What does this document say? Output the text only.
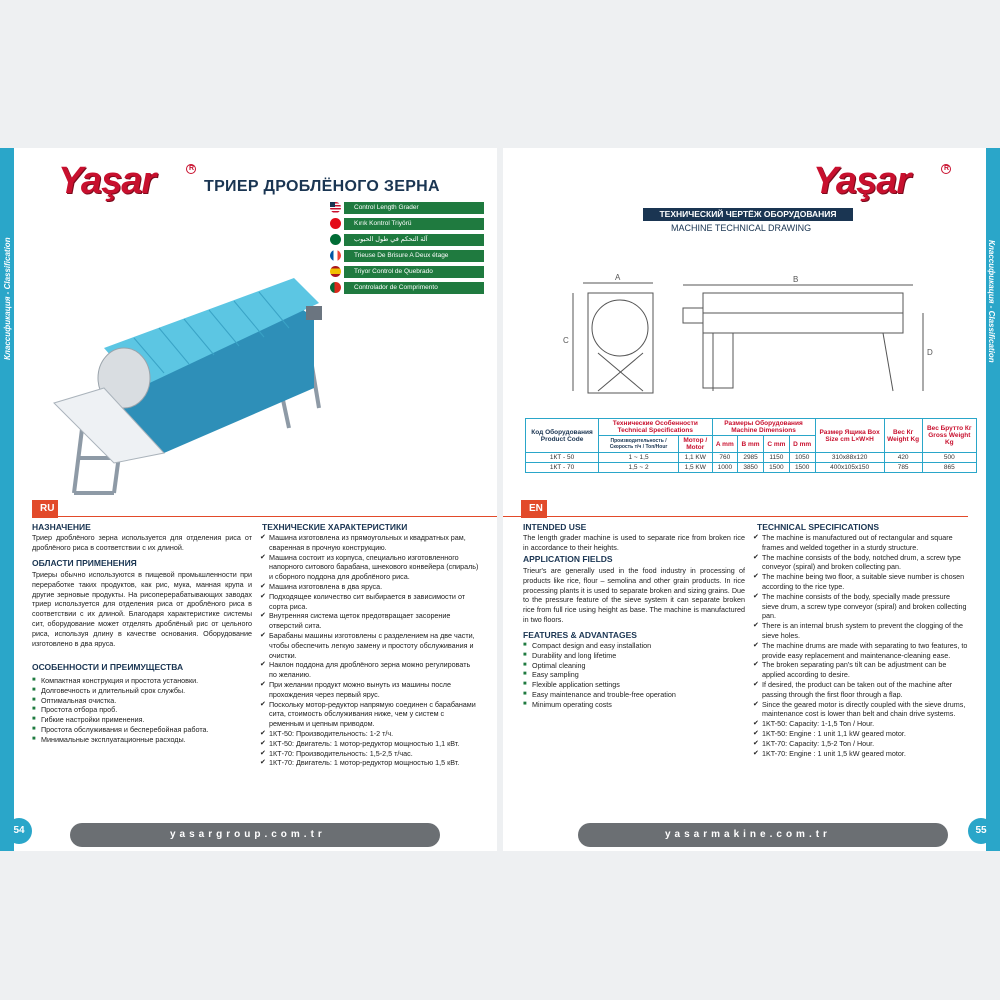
Классификация - Classification	Классификация - Classification
Yaşar	R
ТРИЕР ДРОБЛЁНОГО ЗЕРНА
Control Length Grader
Kırık Kontrol Triyörü
ﺁﻟﺔ ﺍﻟﺘﺤﻜﻢ ﻓﻲ ﻃﻮﻝ ﺍﻟﺤﺒﻮﺏ
Trieuse De Brisure A Deux étage
Triyor Control de Quebrado
Controlador de Comprimento
RU
НАЗНАЧЕНИЕ
Триер дроблёного зерна используется для отделения риса от дроблёного риса в соответствии с их длиной.
ОБЛАСТИ ПРИМЕНЕНИЯ
Триеры обычно используются в пищевой промышленности при переработке таких продуктов, как рис, мука, манная крупа и другие зерновые продукты. На рисоперерабатывающих заводах триер используется для отделения риса от дроблёного риса в соответствии с их длиной. Благодаря характеристике системы сит, оборудование может отделять дроблёный рис от цельного риса, используя длину в качестве основания. Оборудование изготовлено в два яруса.
ОСОБЕННОСТИ И ПРЕИМУЩЕСТВА
■ Компактная конструкция и простота установки.
■ Долговечность и длительный срок службы.
■ Оптимальная очистка.
■ Простота отбора проб.
■ Гибкие настройки применения.
■ Простота обслуживания и бесперебойная работа.
■ Минимальные эксплуатационные расходы.
ТЕХНИЧЕСКИЕ ХАРАКТЕРИСТИКИ
✔ Машина изготовлена из прямоугольных и квадратных рам, сваренная в прочную конструкцию.
✔ Машина состоит из корпуса, специально изготовленного напорного ситового барабана, шнекового конвейера (спираль) и сборного поддона для дроблёного риса.
✔ Машина изготовлена в два яруса.
✔ Подходящее количество сит выбирается в зависимости от сорта риса.
✔ Внутренняя система щеток предотвращает засорение отверстий сита.
✔ Барабаны машины изготовлены с разделением на две части, чтобы обеспечить легкую замену и простоту обслуживания и очистки.
✔ Наклон поддона для дроблёного зерна можно регулировать по желанию.
✔ При желании продукт можно вынуть из машины после прохождения через первый ярус.
✔ Поскольку мотор-редуктор напрямую соединен с барабанами сита, стоимость обслуживания ниже, чем у систем с ременным и цепным приводом.
✔ 1КТ-50: Производительность: 1-2 т/ч.
✔ 1КТ-50: Двигатель: 1 мотор-редуктор мощностью 1,1 кВт.
✔ 1КТ-70: Производительность: 1,5-2,5 т/час.
✔ 1КТ-70: Двигатель: 1 мотор-редуктор мощностью 1,5 кВт.
Yaşar	R
ТЕХНИЧЕСКИЙ ЧЕРТЁЖ ОБОРУДОВАНИЯ
MACHINE TECHNICAL DRAWING
A	B
C
D
Код Оборудования Product Code	Технические Особенности Technical Specifications		Размеры Оборудования Machine Dimensions				Размер Ящика Box Size cm L×W×H	Вес Кг Weight Kg	Вес Брутто Кг Gross Weight Kg
	Производительность / Скорость т/ч / Ton/Hour	Мотор / Motor	A mm	B mm	C mm	D mm			
1КТ - 50	1 ~ 1,5	1,1 KW	760	2985	1150	1050	310x88x120	420	500
1КТ - 70	1,5 ~ 2	1,5 KW	1000	3850	1500	1500	400x105x150	785	865
EN
INTENDED USE
The length grader machine is used to separate rice from broken rice in accordance to their heights.
APPLICATION FIELDS
Trieur's are generally used in the food industry in processing of products like rice, flour – semolina and other grain products. In rice processing plants it is used to separate broken and sizing grains. Due to the pressure feature of the sieve system it can separate broken rice from full rice using height as base. The machine is manufactured in two floors.
FEATURES & ADVANTAGES
■ Compact design and easy installation
■ Durability and long lifetime
■ Optimal cleaning
■ Easy sampling
■ Flexible application settings
■ Easy maintenance and trouble-free operation
■ Minimum operating costs
TECHNICAL SPECIFICATIONS
✔ The machine is manufactured out of rectangular and square frames and welded together in a sturdy structure.
✔ The machine consists of the body, notched drum, a screw type conveyor (spiral) and broken collecting pan.
✔ The machine being two floor, a suitable sieve number is chosen according to the rice type.
✔ The machine consists of the body, specially made pressure sieve drum, a screw type conveyor (spiral) and broken collecting pan.
✔ There is an internal brush system to prevent the clogging of the sieve holes.
✔ The machine drums are made with separating to two features, to provide easy replacement and maintenance-cleaning ease.
✔ The broken separating pan's tilt can be adjustment can be applied according to desire.
✔ If desired, the product can be taken out of the machine after passing through the first floor through a flap.
✔ Since the geared motor is directly coupled with the sieve drums, maintenance cost is lower than belt and chain drive systems.
✔ 1KT-50: Capacity: 1-1,5 Ton / Hour.
✔ 1KT-50: Engine : 1 unit 1,1 kW geared motor.
✔ 1KT-70: Capacity: 1,5-2 Ton / Hour.
✔ 1KT-70: Engine : 1 unit 1,5 kW geared motor.
yasargroup.com.tr
54	yasarmakine.com.tr	55
